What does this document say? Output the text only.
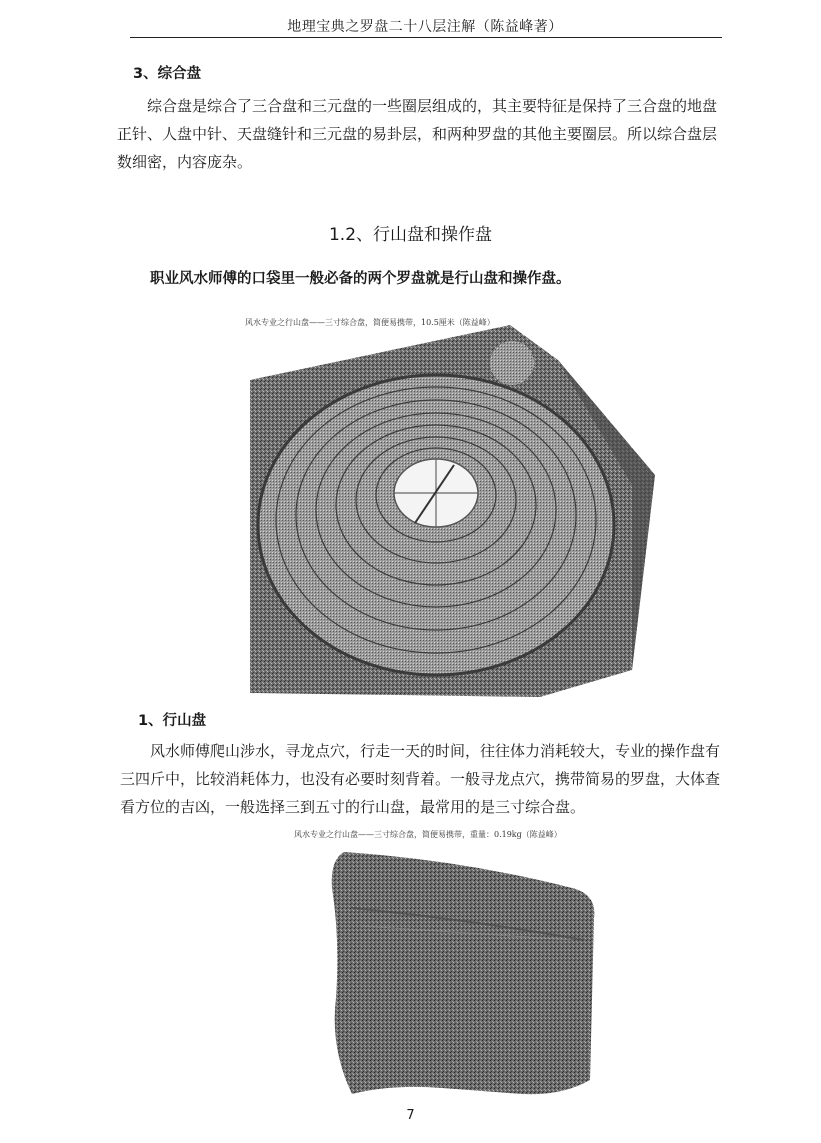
地理宝典之罗盘二十八层注解（陈益峰著）
3、综合盘

综合盘是综合了三合盘和三元盘的一些圈层组成的，其主要特征是保持了三合盘的地盘

正针、人盘中针、天盘缝针和三元盘的易卦层，和两种罗盘的其他主要圈层。所以综合盘层

数细密，内容庞杂。

1.2、行山盘和操作盘
职业风水师傅的口袋里一般必备的两个罗盘就是行山盘和操作盘。
风水专业之行山盘——三寸综合盘，简便易携带，10.5厘米（陈益峰）
1、行山盘

风水师傅爬山涉水，寻龙点穴，行走一天的时间，往往体力消耗较大，专业的操作盘有

三四斤中，比较消耗体力，也没有必要时刻背着。一般寻龙点穴，携带简易的罗盘，大体查

看方位的吉凶，一般选择三到五寸的行山盘，最常用的是三寸综合盘。

风水专业之行山盘——三寸综合盘，简便易携带，重量：0.19kg（陈益峰）
7
